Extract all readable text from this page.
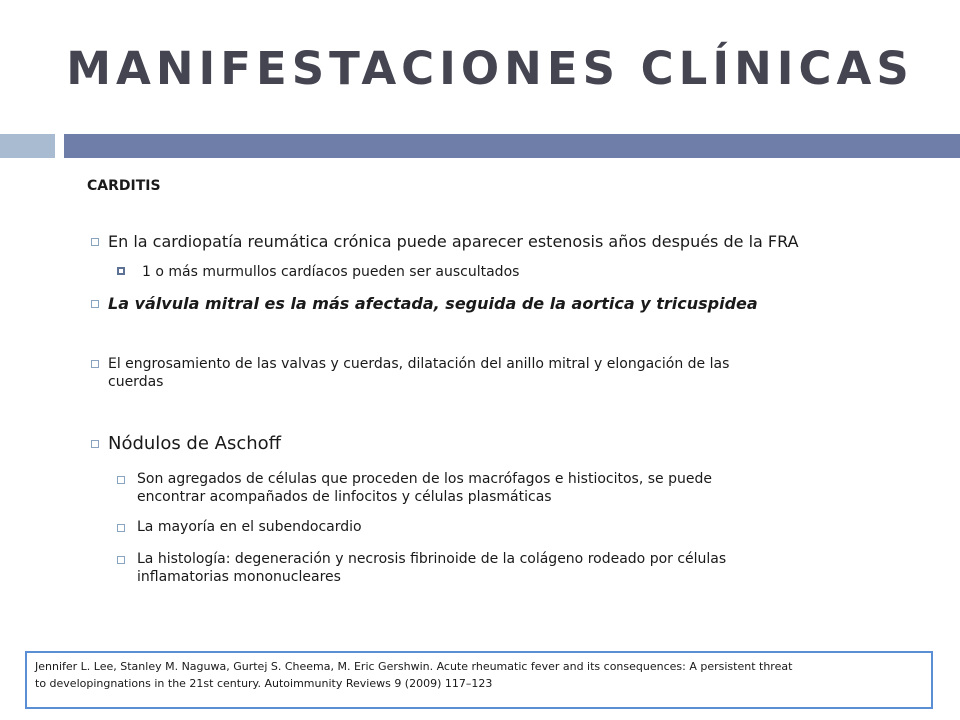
MANIFESTACIONES CLÍNICAS
CARDITIS
En la cardiopatía reumática crónica puede aparecer estenosis años después de la FRA
1 o más murmullos cardíacos pueden ser auscultados
La válvula mitral es la más afectada, seguida de la aortica y tricuspidea
El engrosamiento de las valvas y cuerdas, dilatación del anillo mitral y elongación de las
cuerdas
Nódulos de Aschoff
Son agregados de células que proceden de los macrófagos e histiocitos, se puede
encontrar acompañados de linfocitos y células plasmáticas
La mayoría en el subendocardio
La histología: degeneración y necrosis fibrinoide de la colágeno rodeado por células
inflamatorias mononucleares
Jennifer L. Lee, Stanley M. Naguwa, Gurtej S. Cheema, M. Eric Gershwin. Acute rheumatic fever and its consequences: A persistent threat
to developingnations in the 21st century. Autoimmunity Reviews 9 (2009) 117–123
